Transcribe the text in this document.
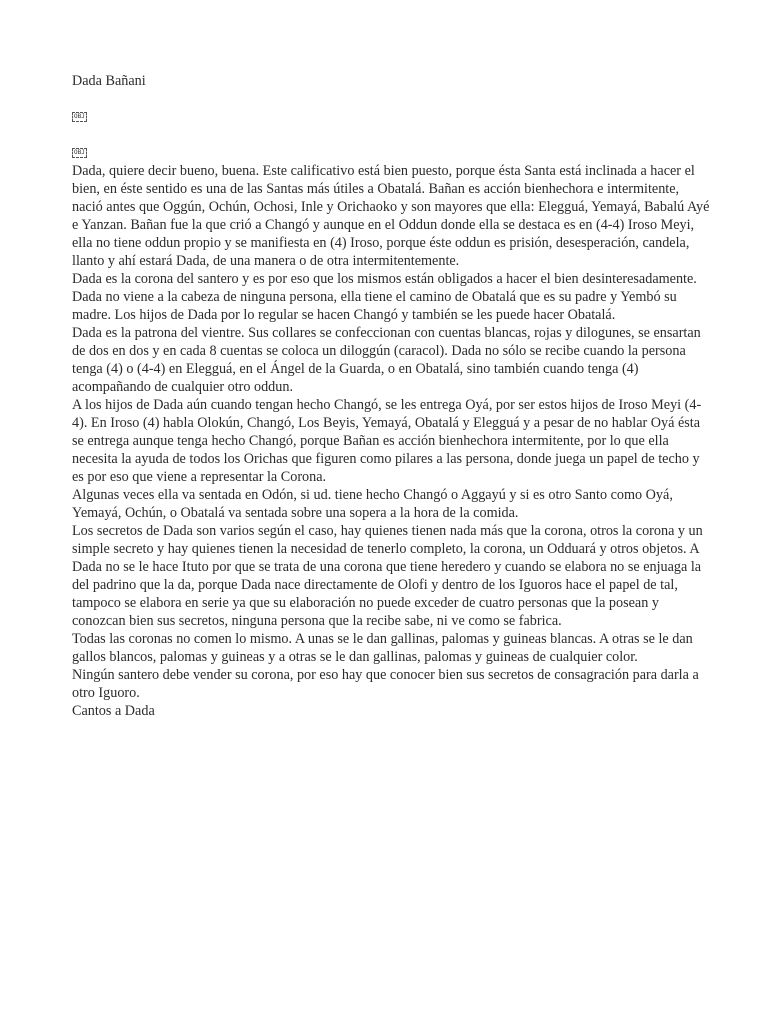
Dada Bañani
OBJ
OBJ

Dada, quiere decir bueno, buena. Este calificativo está bien puesto, porque ésta Santa está inclinada a hacer el bien, en éste sentido es una de las Santas más útiles a Obatalá. Bañan es acción bienhechora e intermitente, nació antes que Oggún, Ochún, Ochosi, Inle y Orichaoko y son mayores que ella: Elegguá, Yemayá, Babalú Ayé e Yanzan. Bañan fue la que crió a Changó y aunque en el Oddun donde ella se destaca es en (4-4) Iroso Meyi, ella no tiene oddun propio y se manifiesta en (4) Iroso, porque éste oddun es prisión, desesperación, candela, llanto y ahí estará Dada, de una manera o de otra intermitentemente.

Dada es la corona del santero y es por eso que los mismos están obligados a hacer el bien desinteresadamente. Dada no viene a la cabeza de ninguna persona, ella tiene el camino de Obatalá que es su padre y Yembó su madre. Los hijos de Dada por lo regular se hacen Changó y también se les puede hacer Obatalá.

Dada es la patrona del vientre. Sus collares se confeccionan con cuentas blancas, rojas y dilogunes, se ensartan de dos en dos y en cada 8 cuentas se coloca un diloggún (caracol). Dada no sólo se recibe cuando la persona tenga (4) o (4-4) en Elegguá, en el Ángel de la Guarda, o en Obatalá, sino también cuando tenga (4) acompañando de cualquier otro oddun.

A los hijos de Dada aún cuando tengan hecho Changó, se les entrega Oyá, por ser estos hijos de Iroso Meyi (4-4). En Iroso (4) habla Olokún, Changó, Los Beyis, Yemayá, Obatalá y Elegguá y a pesar de no hablar Oyá ésta se entrega aunque tenga hecho Changó, porque Bañan es acción bienhechora intermitente, por lo que ella necesita la ayuda de todos los Orichas que figuren como pilares a las persona, donde juega un papel de techo y es por eso que viene a representar la Corona.

Algunas veces ella va sentada en Odón, si ud. tiene hecho Changó o Aggayú y si es otro Santo como Oyá, Yemayá, Ochún, o Obatalá va sentada sobre una sopera a la hora de la comida.

Los secretos de Dada son varios según el caso, hay quienes tienen nada más que la corona, otros la corona y un simple secreto y hay quienes tienen la necesidad de tenerlo completo, la corona, un Odduará y otros objetos. A Dada no se le hace Ituto por que se trata de una corona que tiene heredero y cuando se elabora no se enjuaga la del padrino que la da, porque Dada nace directamente de Olofi y dentro de los Iguoros hace el papel de tal, tampoco se elabora en serie ya que su elaboración no puede exceder de cuatro personas que la posean y conozcan bien sus secretos, ninguna persona que la recibe sabe, ni ve como se fabrica.

Todas las coronas no comen lo mismo. A unas se le dan gallinas, palomas y guineas blancas. A otras se le dan gallos blancos, palomas y guineas y a otras se le dan gallinas, palomas y guineas de cualquier color.

Ningún santero debe vender su corona, por eso hay que conocer bien sus secretos de consagración para darla a otro Iguoro.

Cantos a Dada
